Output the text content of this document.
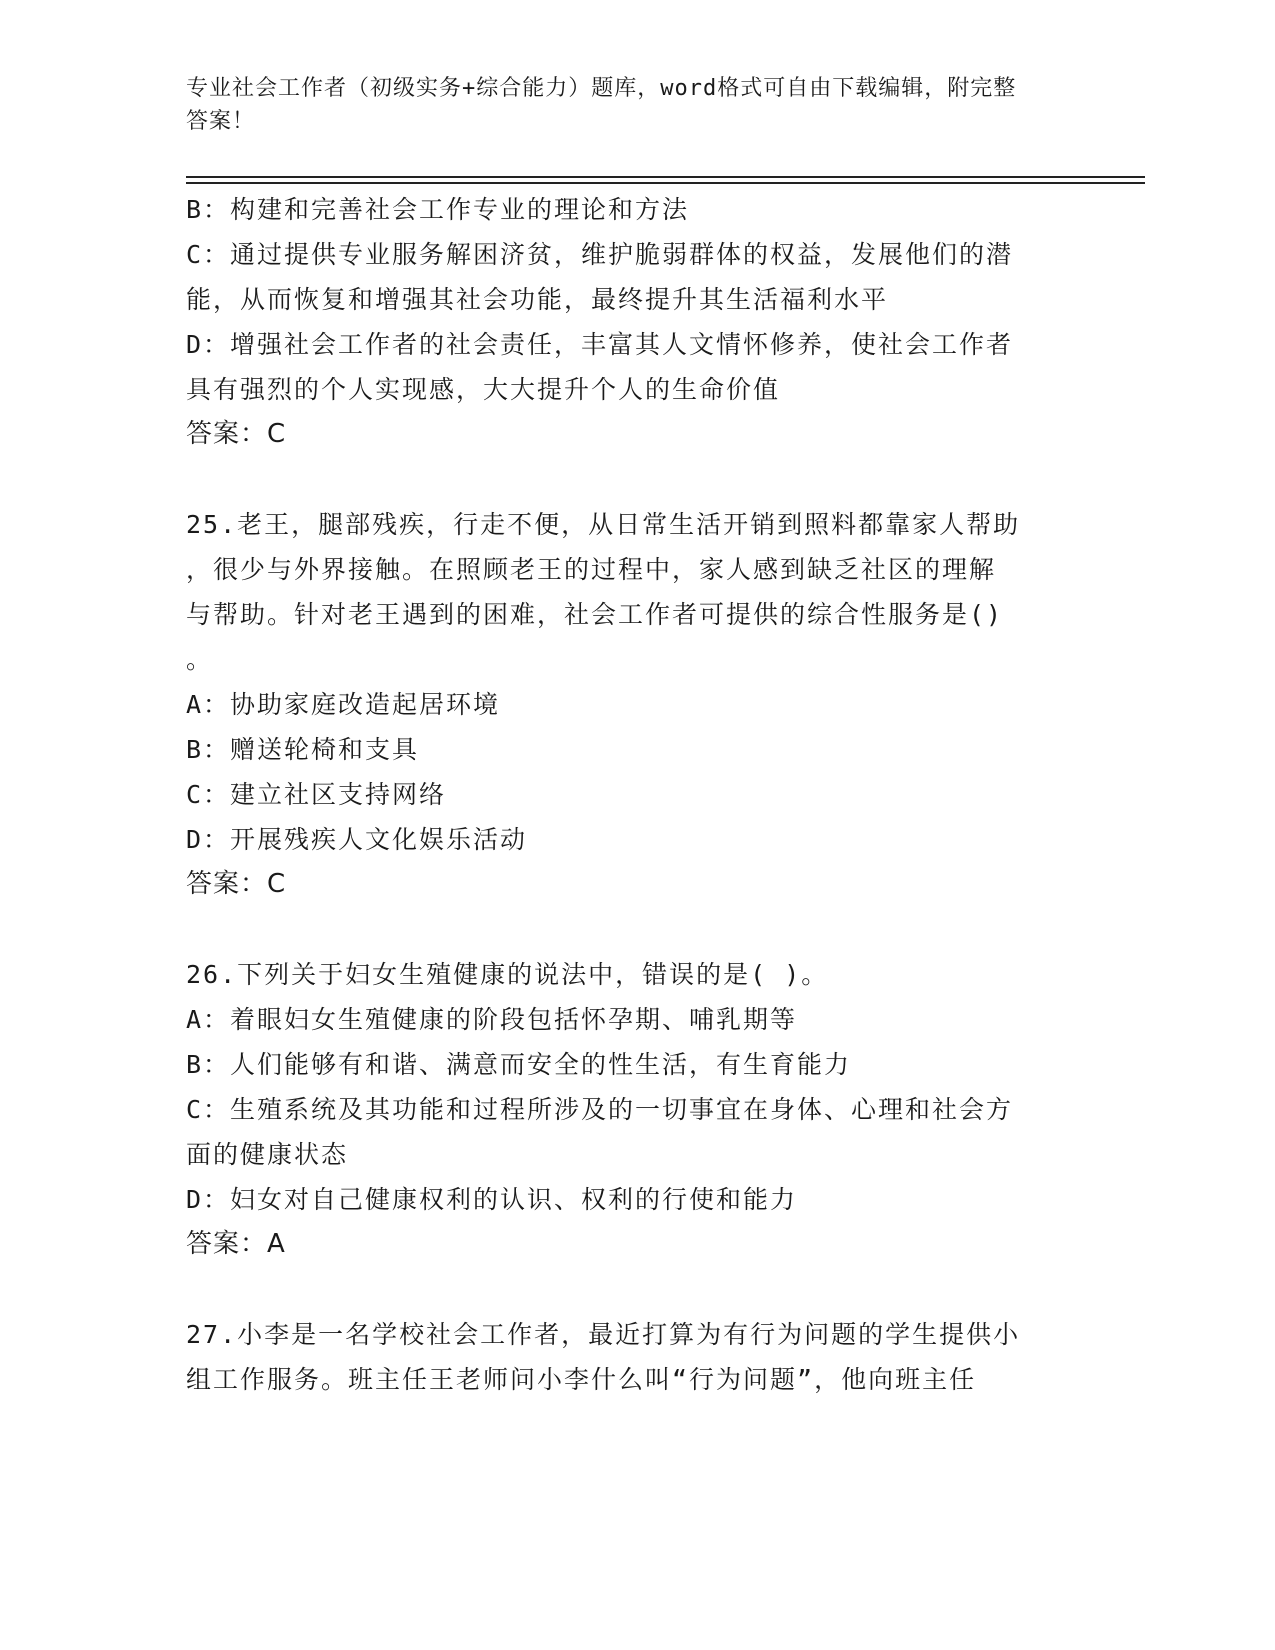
专业社会工作者（初级实务+综合能力）题库，word格式可自由下载编辑，附完整
答案！
B：构建和完善社会工作专业的理论和方法
C：通过提供专业服务解困济贫，维护脆弱群体的权益，发展他们的潜
能，从而恢复和增强其社会功能，最终提升其生活福利水平
D：增强社会工作者的社会责任，丰富其人文情怀修养，使社会工作者
具有强烈的个人实现感，大大提升个人的生命价值
答案：C
25.老王，腿部残疾，行走不便，从日常生活开销到照料都靠家人帮助
，很少与外界接触。在照顾老王的过程中，家人感到缺乏社区的理解
与帮助。针对老王遇到的困难，社会工作者可提供的综合性服务是()
。
A：协助家庭改造起居环境
B：赠送轮椅和支具
C：建立社区支持网络
D：开展残疾人文化娱乐活动
答案：C
26.下列关于妇女生殖健康的说法中，错误的是( )。
A：着眼妇女生殖健康的阶段包括怀孕期、哺乳期等
B：人们能够有和谐、满意而安全的性生活，有生育能力
C：生殖系统及其功能和过程所涉及的一切事宜在身体、心理和社会方
面的健康状态
D：妇女对自己健康权利的认识、权利的行使和能力
答案：A
27.小李是一名学校社会工作者，最近打算为有行为问题的学生提供小
组工作服务。班主任王老师问小李什么叫“行为问题”，他向班主任
